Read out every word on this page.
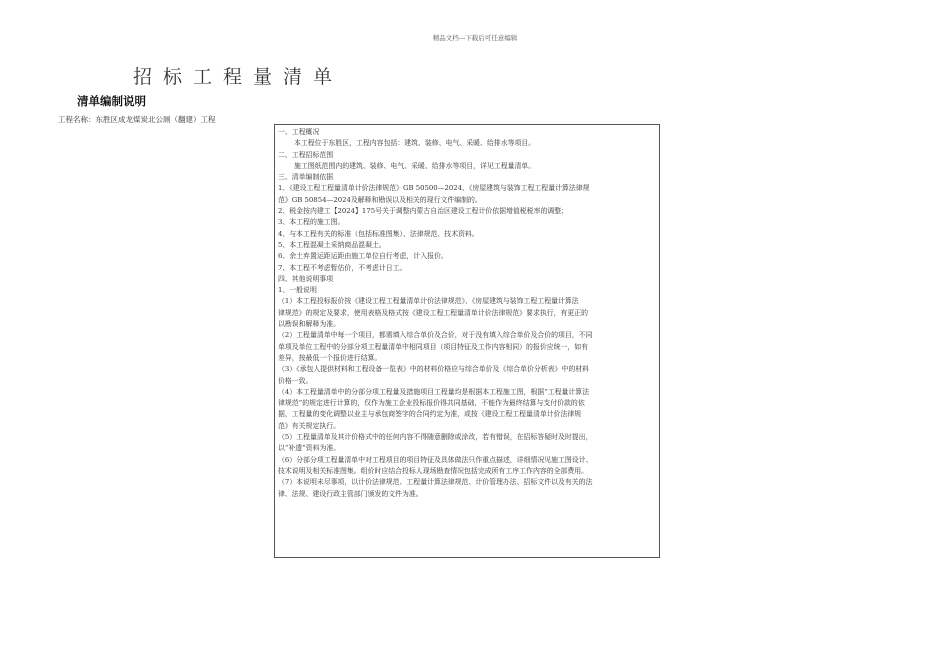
精品文档---下载后可任意编辑
招标工程量清单
清单编制说明
工程名称：东胜区成龙煤炭北公厕（翻建）工程
一、工程概况
本工程位于东胜区，工程内容包括：建筑、装修、电气、采暖、给排水等项目。
二、工程招标范围
施工图纸范围内的建筑、装修、电气、采暖、给排水等项目，详见工程量清单。
三、清单编制依据
1、《建设工程工程量清单计价法律规范》GB 50500—2024、《房屋建筑与装饰工程工程量计算法律规
范》GB 50854—2024及解释和勘误以及相关的现行文件编制的。
2、税金按内建工【2024】175号关于调整内蒙古自治区建设工程计价依据增值税税率的调整；
3、本工程的施工图。
4、与本工程有关的标准（包括标准图集）、法律规范、技术资料。
5、本工程混凝土采纳商品混凝土。
6、余土弃置运距运距由施工单位自行考虑，计入报价。
7、本工程不考虑暂估价，不考虑计日工。
四、其他说明事项
1、一般说明
（1）本工程投标报价按《建设工程工程量清单计价法律规范》、《房屋建筑与装饰工程工程量计算法
律规范》的规定及要求，使用表格及格式按《建设工程工程量清单计价法律规范》要求执行，有更正的
以勘误和解释为准。
（2）工程量清单中每一个项目，都需填入综合单价及合价，对于没有填入综合单价及合价的项目，不同
单项及单位工程中的分部分项工程量清单中相同项目（项目特征及工作内容相同）的报价应统一，如有
差异，按最低一个报价进行结算。
（3）《承包人提供材料和工程设备一览表》中的材料价格应与综合单价及《综合单价分析表》中的材料
价格一致。
（4）本工程量清单中的分部分项工程量及措施项目工程量均是根据本工程施工图，根据“工程量计算法
律规范”的规定进行计算的，仅作为施工企业投标报价得共同基础，不能作为最终结算与支付价款的依
据，工程量的变化调整以业主与承包商签字的合同约定为准，或按《建设工程工程量清单计价法律规
范》有关规定执行。
（5）工程量清单及其计价格式中的任何内容不得随意删除或涂改，若有错误，在招标答疑时及时提出，
以“补遗”资料为准。
（6）分部分项工程量清单中对工程项目的项目特征及具体做法只作重点描述，详细情况见施工图设计、
技术说明及相关标准图集。组价时应结合投标人现场勘查情况包括完成所有工序工作内容的全部费用。
（7）本说明未尽事项，以计价法律规范、工程量计算法律规范、计价管理办法、招标文件以及有关的法
律、法规、建设行政主管部门颁发的文件为准。
